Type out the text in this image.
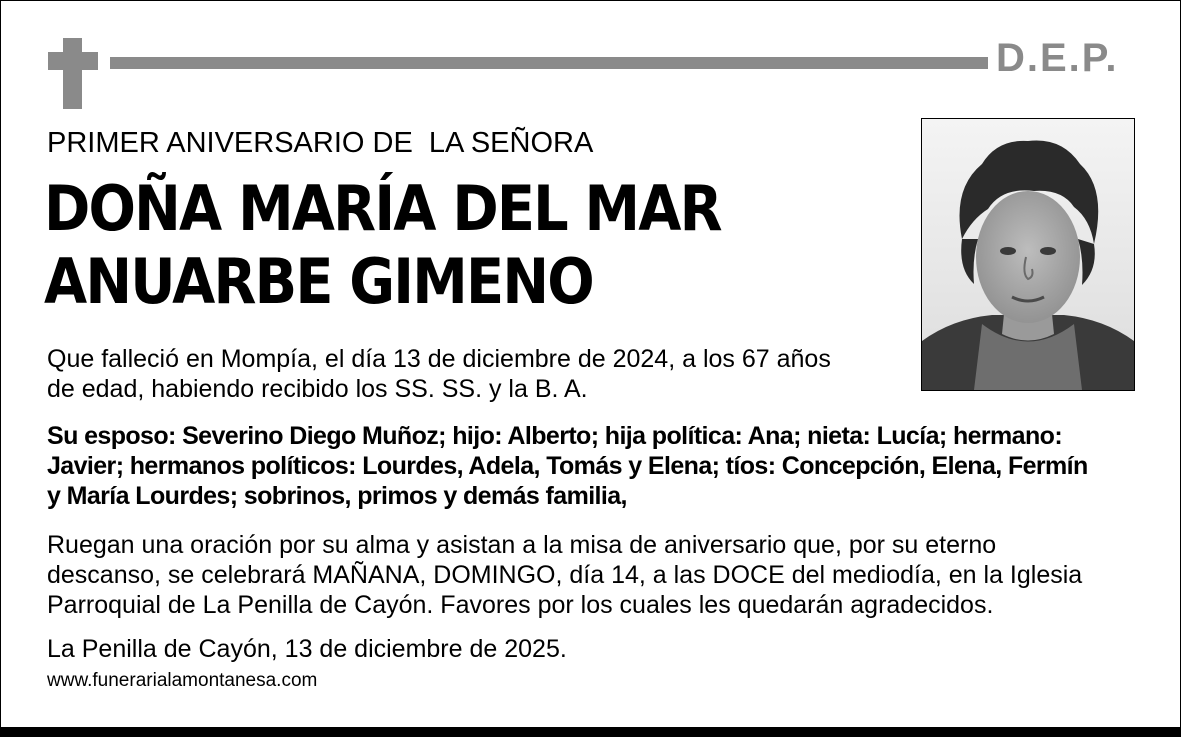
D.E.P.
PRIMER ANIVERSARIO DE  LA SEÑORA
DOÑA MARÍA DEL MAR
ANUARBE GIMENO
Que falleció en Mompía, el día 13 de diciembre de 2024, a los 67 años
de edad, habiendo recibido los SS. SS. y la B. A.
Su esposo: Severino Diego Muñoz; hijo: Alberto; hija política: Ana; nieta: Lucía; hermano:
Javier; hermanos políticos: Lourdes, Adela, Tomás y Elena; tíos: Concepción, Elena, Fermín
y María Lourdes; sobrinos, primos y demás familia,
Ruegan una oración por su alma y asistan a la misa de aniversario que, por su eterno
descanso, se celebrará MAÑANA, DOMINGO, día 14, a las DOCE del mediodía, en la Iglesia
Parroquial de La Penilla de Cayón. Favores por los cuales les quedarán agradecidos.
La Penilla de Cayón, 13 de diciembre de 2025.
www.funerarialamontanesa.com
